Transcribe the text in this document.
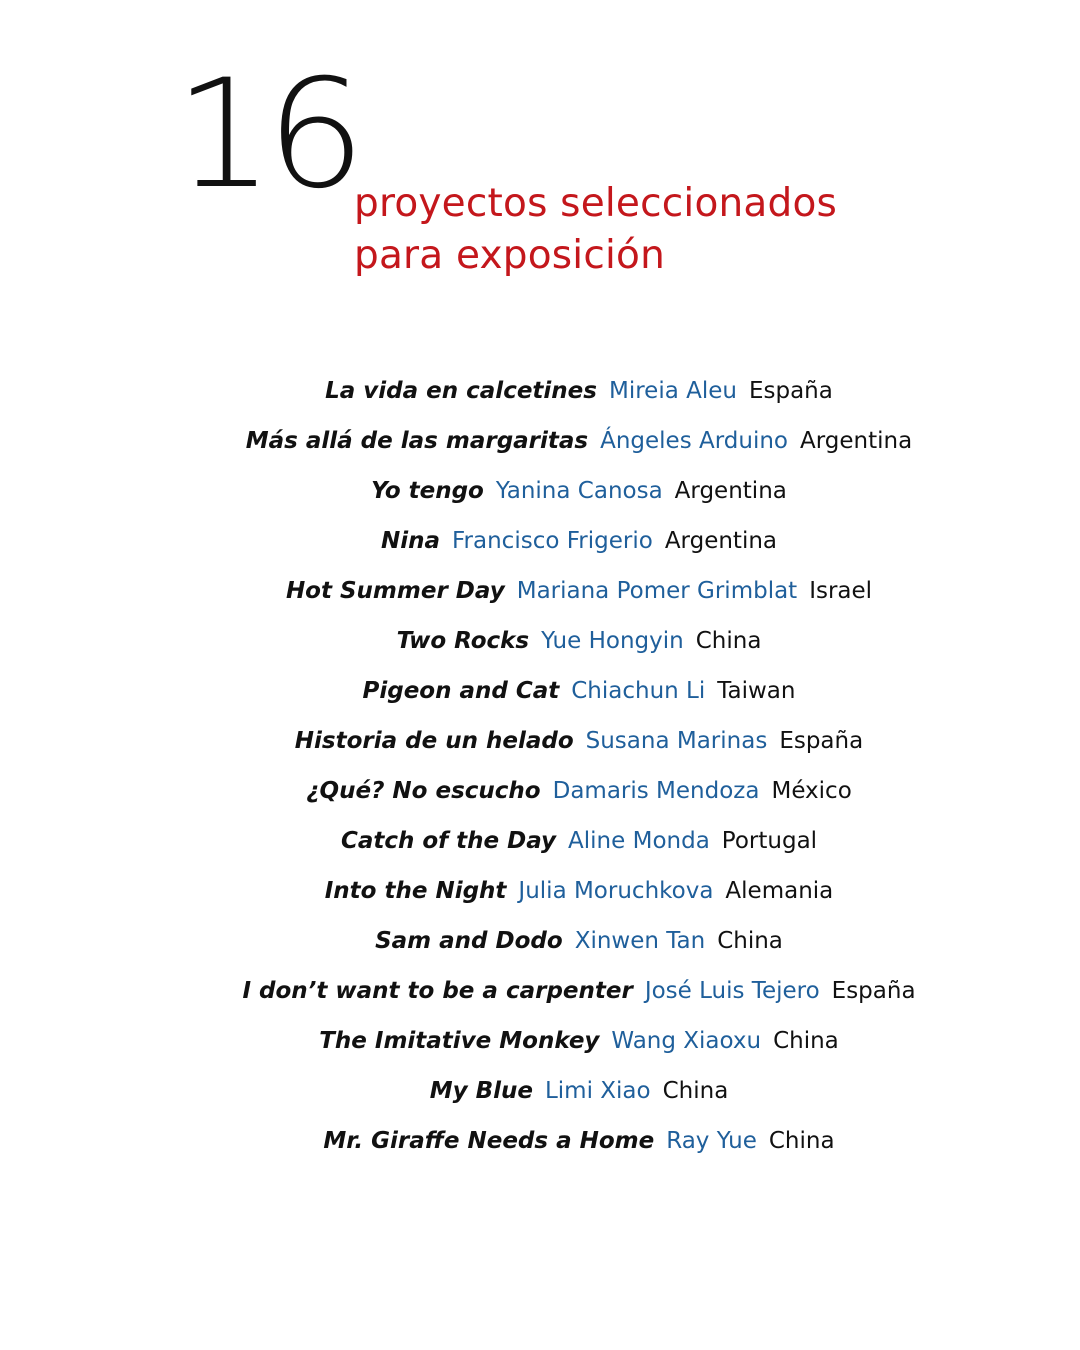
16
proyectos seleccionados
para exposición
La vida en calcetines Mireia Aleu España
Más allá de las margaritas Ángeles Arduino Argentina
Yo tengo Yanina Canosa Argentina
Nina Francisco Frigerio Argentina
Hot Summer Day Mariana Pomer Grimblat Israel
Two Rocks Yue Hongyin China
Pigeon and Cat Chiachun Li Taiwan
Historia de un helado Susana Marinas España
¿Qué? No escucho Damaris Mendoza México
Catch of the Day Aline Monda Portugal
Into the Night Julia Moruchkova Alemania
Sam and Dodo Xinwen Tan China
I don’t want to be a carpenter José Luis Tejero España
The Imitative Monkey Wang Xiaoxu China
My Blue Limi Xiao China
Mr. Giraffe Needs a Home Ray Yue China
